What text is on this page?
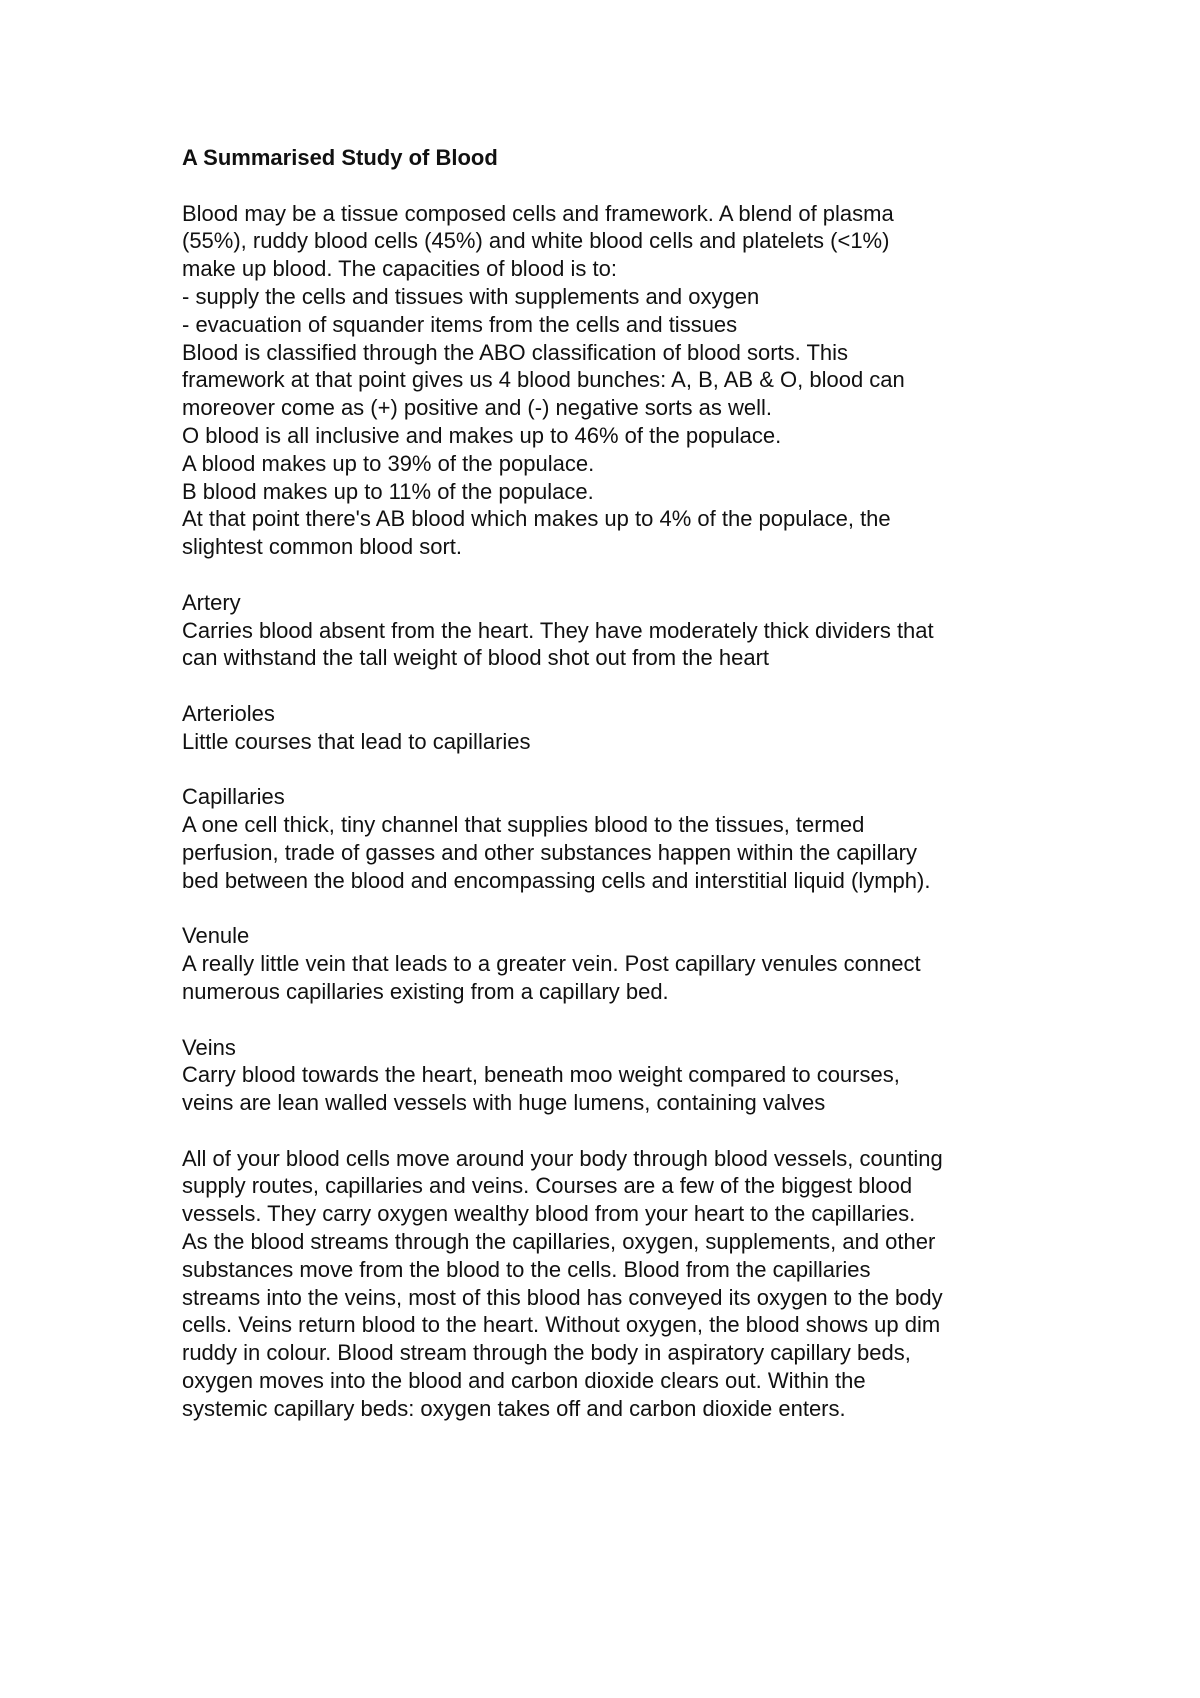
A Summarised Study of Blood

Blood may be a tissue composed cells and framework. A blend of plasma

(55%), ruddy blood cells (45%) and white blood cells and platelets (<1%)

make up blood. The capacities of blood is to:

- supply the cells and tissues with supplements and oxygen

- evacuation of squander items from the cells and tissues

Blood is classified through the ABO classification of blood sorts. This

framework at that point gives us 4 blood bunches: A, B, AB & O, blood can

moreover come as (+) positive and (-) negative sorts as well.

O blood is all inclusive and makes up to 46% of the populace.

A blood makes up to 39% of the populace.

B blood makes up to 11% of the populace.

At that point there's AB blood which makes up to 4% of the populace, the

slightest common blood sort.

Artery

Carries blood absent from the heart. They have moderately thick dividers that

can withstand the tall weight of blood shot out from the heart

Arterioles

Little courses that lead to capillaries

Capillaries

A one cell thick, tiny channel that supplies blood to the tissues, termed

perfusion, trade of gasses and other substances happen within the capillary

bed between the blood and encompassing cells and interstitial liquid (lymph).

Venule

A really little vein that leads to a greater vein. Post capillary venules connect

numerous capillaries existing from a capillary bed.

Veins

Carry blood towards the heart, beneath moo weight compared to courses,

veins are lean walled vessels with huge lumens, containing valves

All of your blood cells move around your body through blood vessels, counting

supply routes, capillaries and veins. Courses are a few of the biggest blood

vessels. They carry oxygen wealthy blood from your heart to the capillaries.

As the blood streams through the capillaries, oxygen, supplements, and other

substances move from the blood to the cells. Blood from the capillaries

streams into the veins, most of this blood has conveyed its oxygen to the body

cells. Veins return blood to the heart. Without oxygen, the blood shows up dim

ruddy in colour. Blood stream through the body in aspiratory capillary beds,

oxygen moves into the blood and carbon dioxide clears out. Within the

systemic capillary beds: oxygen takes off and carbon dioxide enters.
